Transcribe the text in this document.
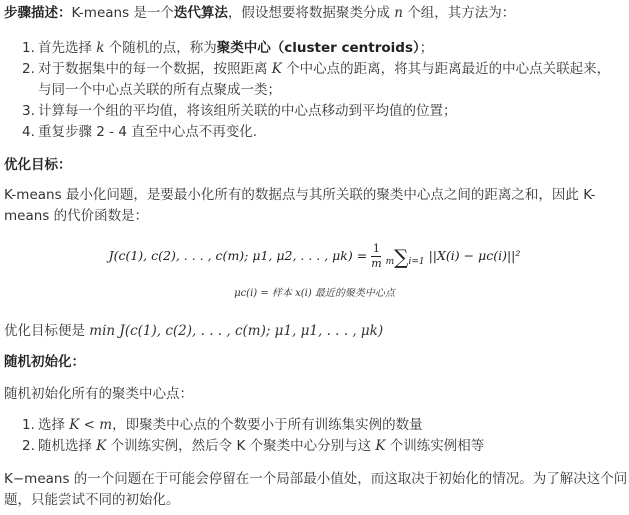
步骤描述：K-means 是一个迭代算法，假设想要将数据聚类分成 n 个组，其方法为：
1. 首先选择 k 个随机的点，称为聚类中心（cluster centroids）；
2. 对于数据集中的每一个数据，按照距离 K 个中心点的距离，将其与距离最近的中心点关联起来，
与同一个中心点关联的所有点聚成一类；
3. 计算每一个组的平均值，将该组所关联的中心点移动到平均值的位置；
4. 重复步骤 2 - 4 直至中心点不再变化.
优化目标：
K-means 最小化问题，是要最小化所有的数据点与其所关联的聚类中心点之间的距离之和，因此 K-
means 的代价函数是：
J(c(1), c(2), . . . , c(m); μ1, μ2, . . . , $\mu k) = \frac{1}{m} m\sum i=1$ ||X(i) − μc(i)||²
μc(i) = 样本 x(i) 最近的聚类中心点
优化目标便是 min J(c(1), c(2), . . . , c(m); μ1, μ1, . . . , μk)
随机初始化：
随机初始化所有的聚类中心点：
1. 选择 K < m，即聚类中心点的个数要小于所有训练集实例的数量
2. 随机选择 K 个训练实例，然后令 K 个聚类中心分别与这 K 个训练实例相等
K−means 的一个问题在于可能会停留在一个局部最小值处，而这取决于初始化的情况。为了解决这个问
题，只能尝试不同的初始化。
